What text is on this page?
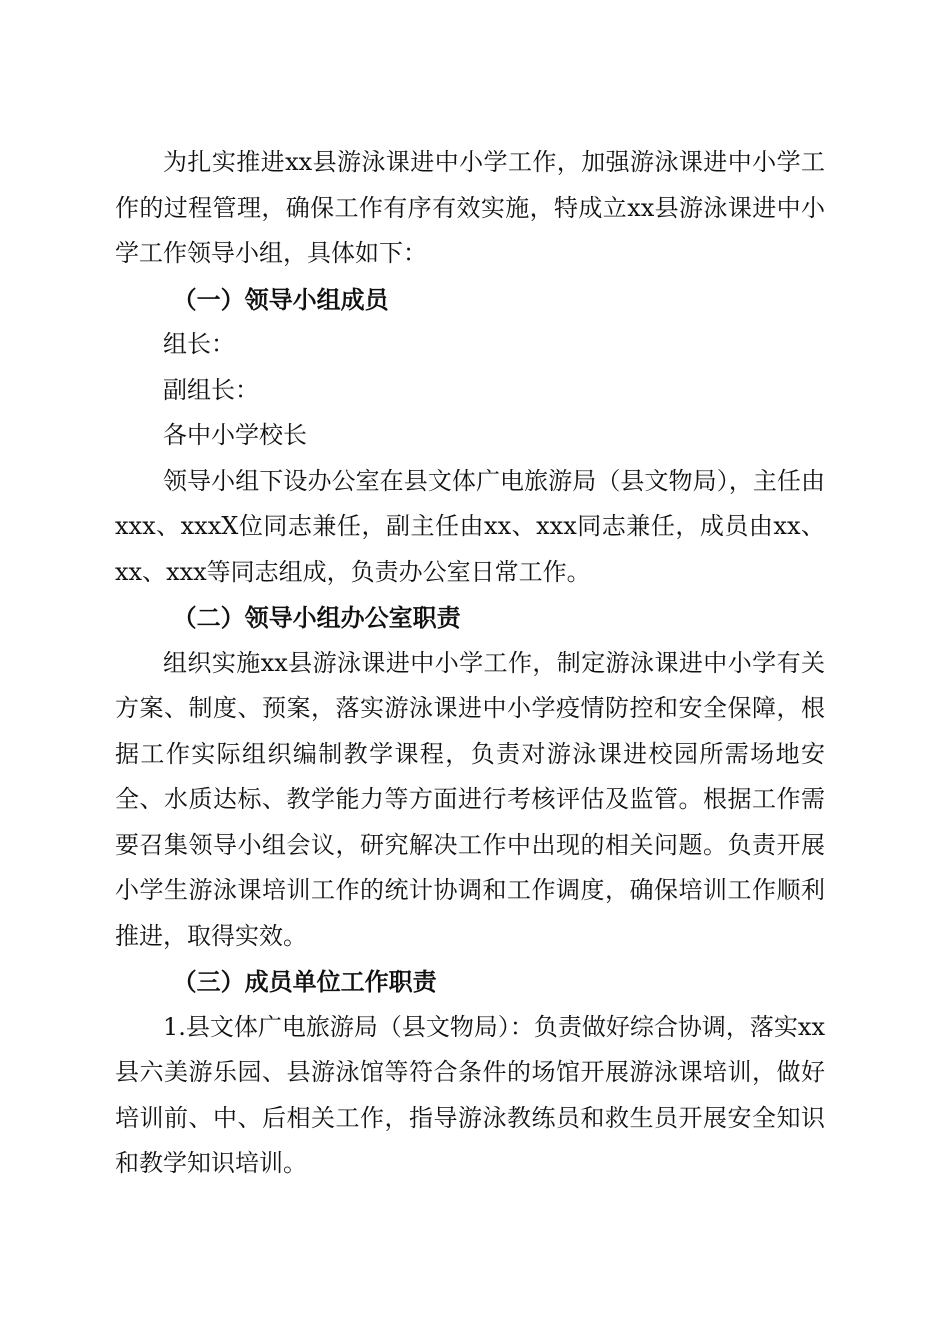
为扎实推进xx县游泳课进中小学工作，加强游泳课进中小学工作的过程管理，确保工作有序有效实施，特成立xx县游泳课进中小学工作领导小组，具体如下：

（一）领导小组成员

组长：

副组长：

各中小学校长

领导小组下设办公室在县文体广电旅游局（县文物局），主任由xxx、xxxX位同志兼任，副主任由xx、xxx同志兼任，成员由xx、xx、xxx等同志组成，负责办公室日常工作。

（二）领导小组办公室职责

组织实施xx县游泳课进中小学工作，制定游泳课进中小学有关方案、制度、预案，落实游泳课进中小学疫情防控和安全保障，根据工作实际组织编制教学课程，负责对游泳课进校园所需场地安全、水质达标、教学能力等方面进行考核评估及监管。根据工作需要召集领导小组会议，研究解决工作中出现的相关问题。负责开展小学生游泳课培训工作的统计协调和工作调度，确保培训工作顺利推进，取得实效。

（三）成员单位工作职责

1.县文体广电旅游局（县文物局）：负责做好综合协调，落实xx县六美游乐园、县游泳馆等符合条件的场馆开展游泳课培训，做好培训前、中、后相关工作，指导游泳教练员和救生员开展安全知识和教学知识培训。
